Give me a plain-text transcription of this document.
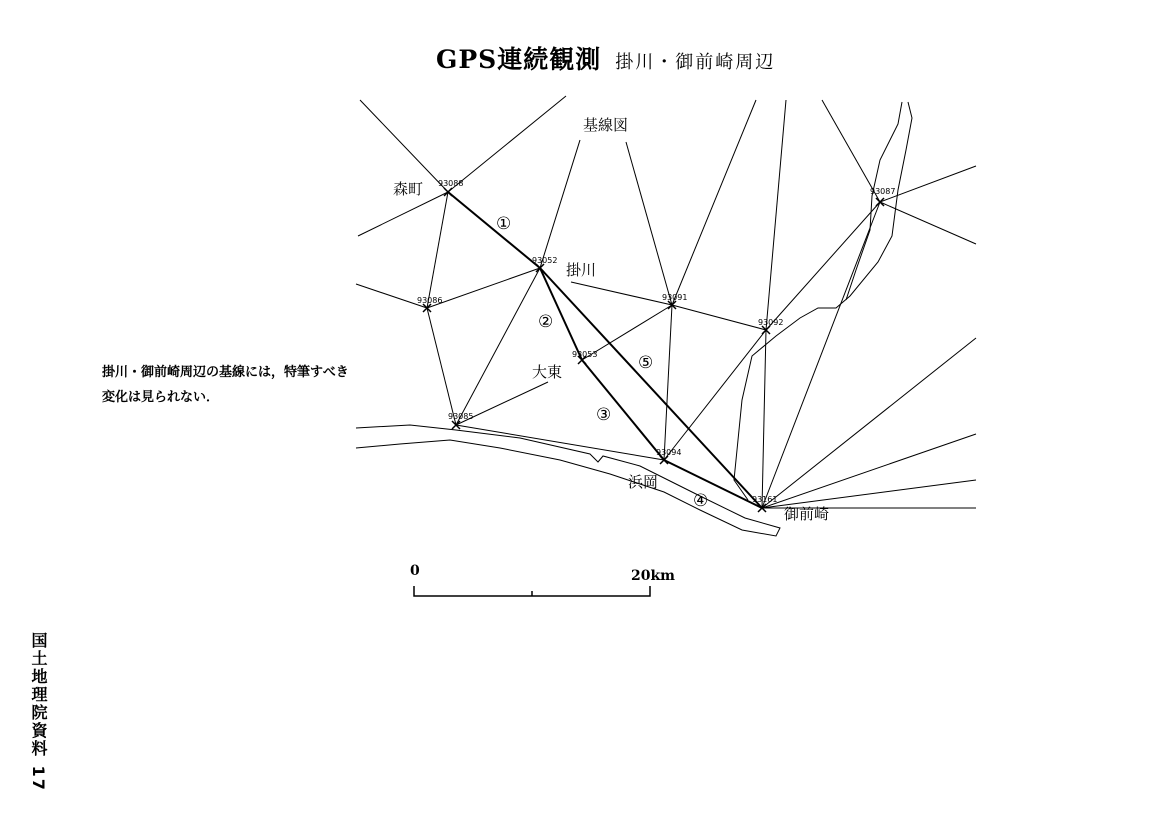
GPS連続観測 掛川・御前崎周辺
93088
93052
93086
93053
93085
93091
93092
93094
93161
93087
基線図
森町
掛川
大東
浜岡
御前崎
①
②
③
④
⑤
0	20km
掛川・御前崎周辺の基線には，特筆すべき
変化は見られない．
国土地理院資料 17
